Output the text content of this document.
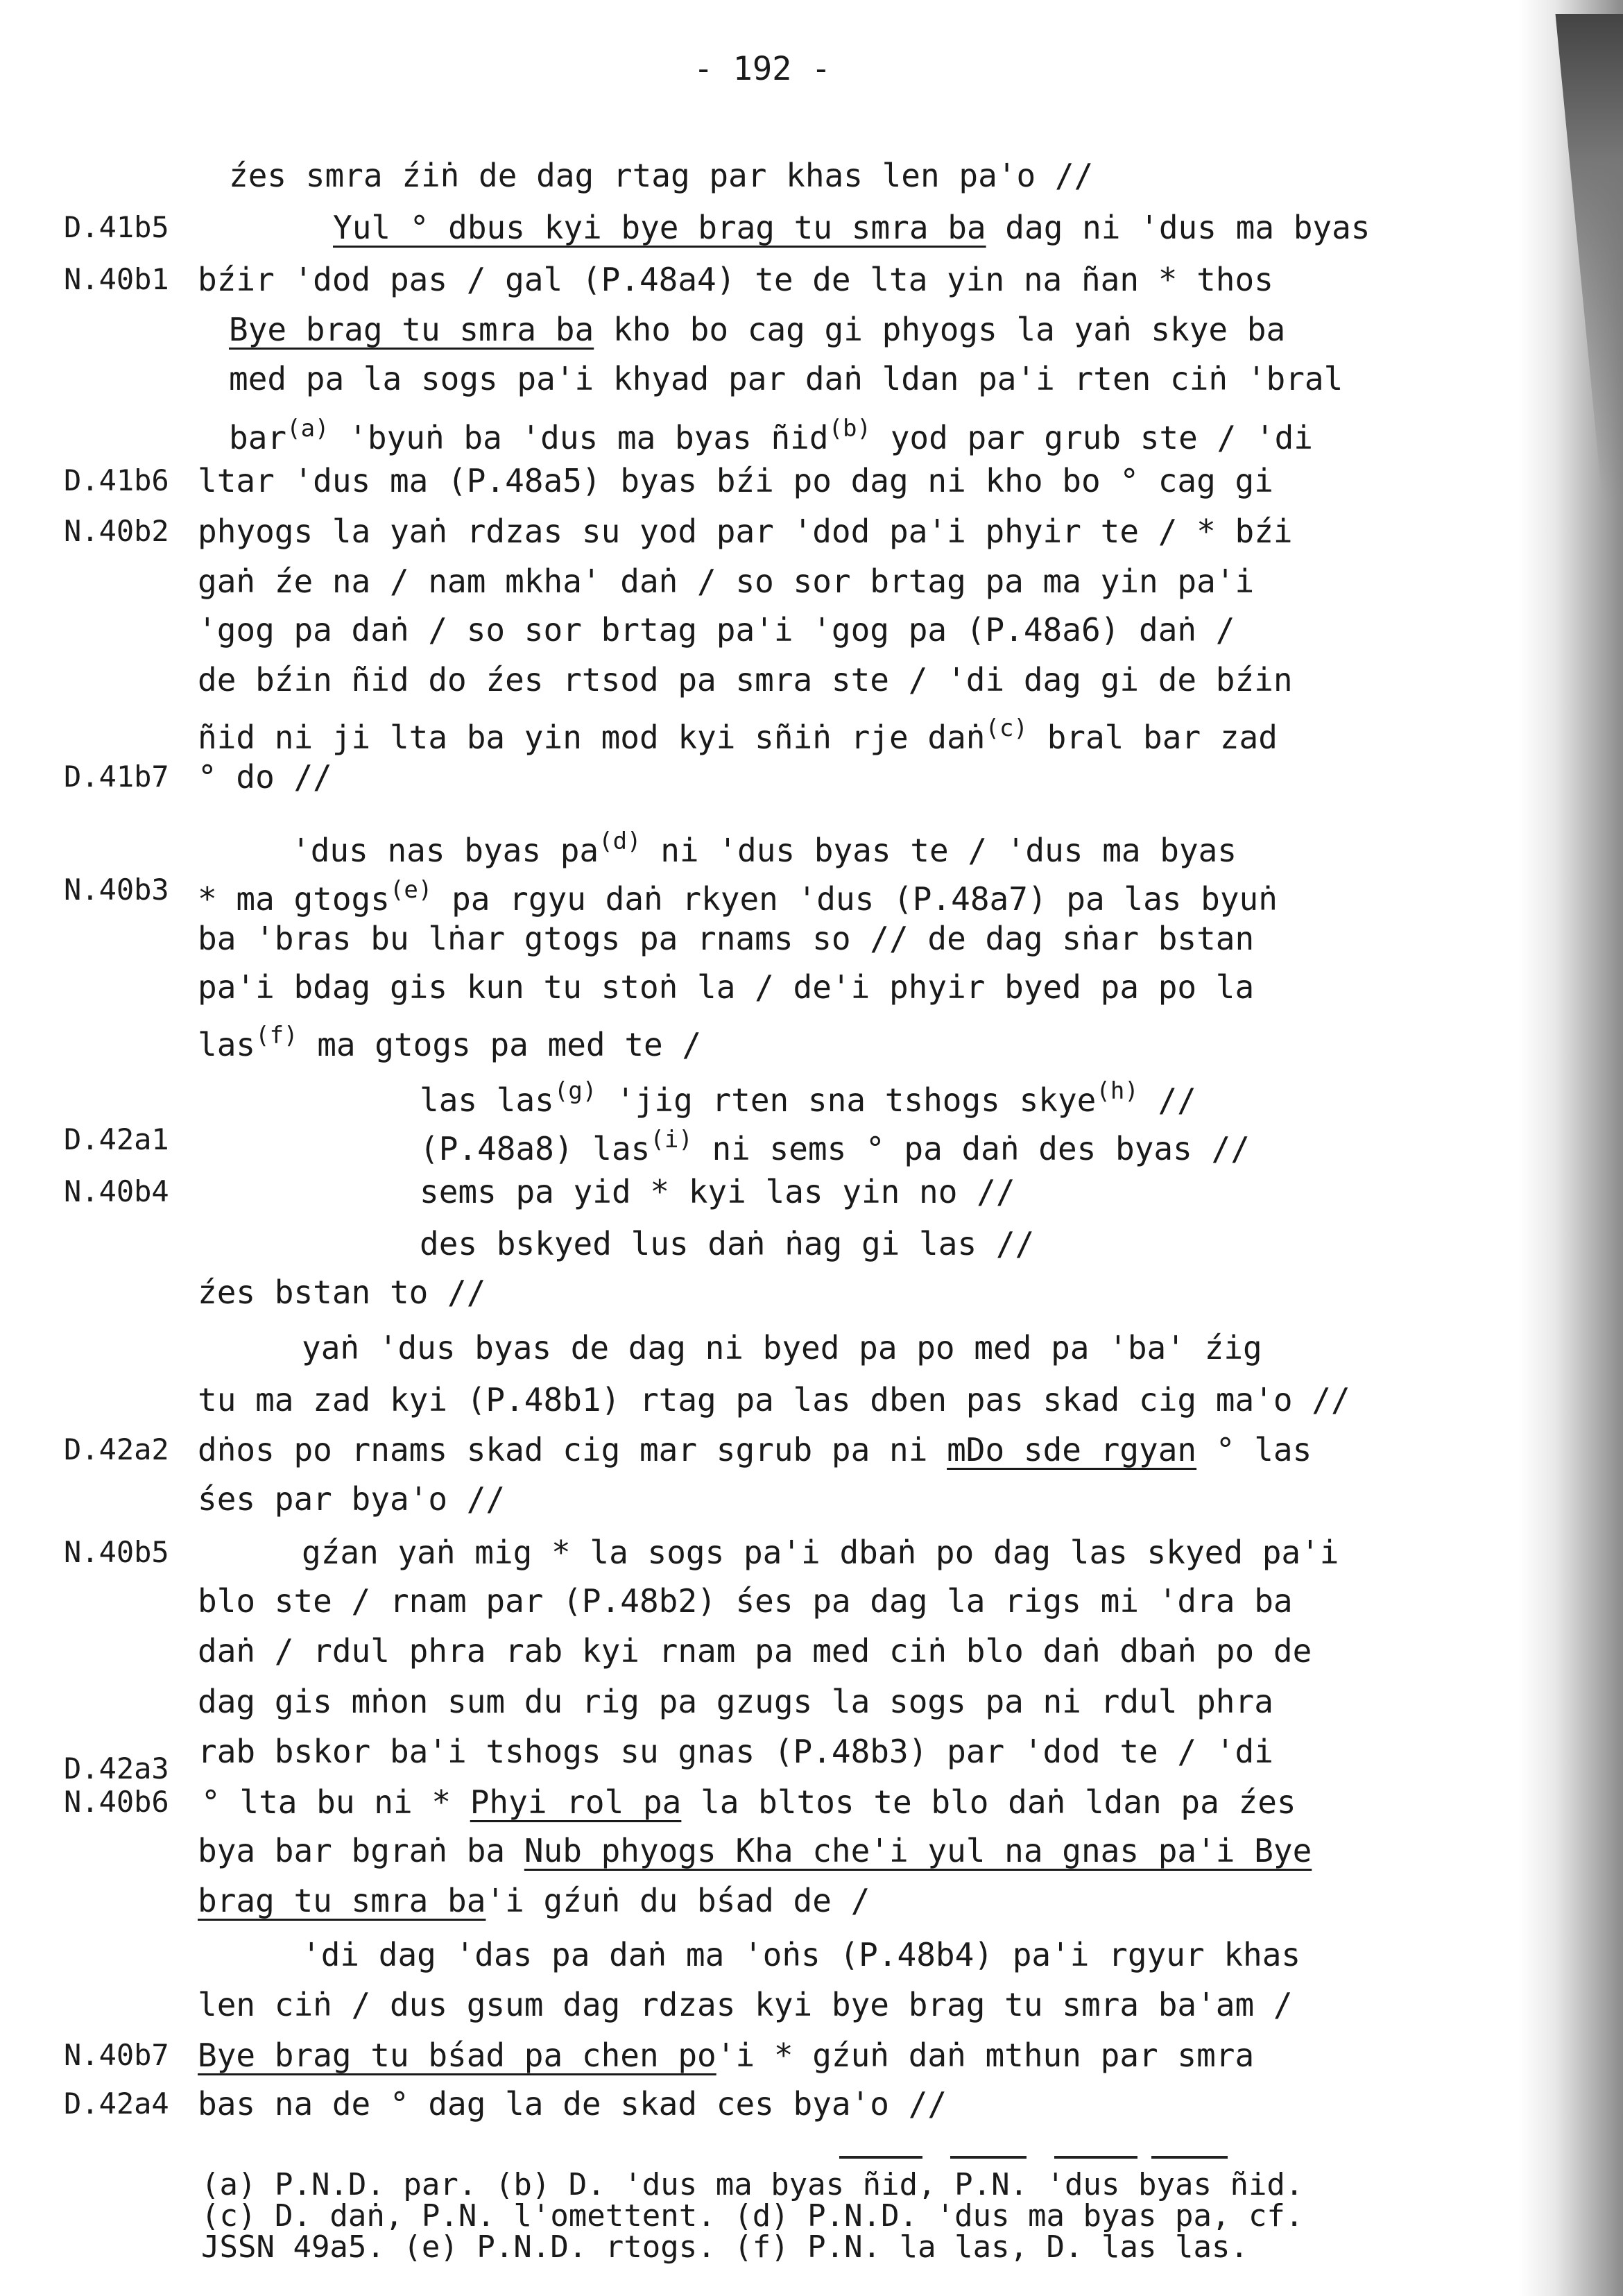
- 192 -
źes smra źiṅ de dag rtag par khas len pa'o //
Yul ° dbus kyi bye brag tu smra ba dag ni 'dus ma byas
bźir 'dod pas / gal (P.48a4) te de lta yin na ñan * thos
Bye brag tu smra ba kho bo cag gi phyogs la yaṅ skye ba
med pa la sogs pa'i khyad par daṅ ldan pa'i rten ciṅ 'bral
bar$^{(a)}$ 'byuṅ ba 'dus ma byas ñid$^{(b)}$ yod par grub ste / 'di
ltar 'dus ma (P.48a5) byas bźi po dag ni kho bo ° cag gi
phyogs la yaṅ rdzas su yod par 'dod pa'i phyir te / * bźi
gaṅ źe na / nam mkha' daṅ / so sor brtag pa ma yin pa'i
'gog pa daṅ / so sor brtag pa'i 'gog pa (P.48a6) daṅ /
de bźin ñid do źes rtsod pa smra ste / 'di dag gi de bźin
ñid ni ji lta ba yin mod kyi sñiṅ rje daṅ$^{(c)}$ bral bar zad
° do //
'dus nas byas $pa^{(d)}$ ni 'dus byas te / 'dus ma byas
* ma gtogs$^{(e)}$ pa rgyu daṅ rkyen 'dus (P.48a7) pa las byuṅ
ba 'bras bu lṅar gtogs pa rnams so // de dag sṅar bstan
pa'i bdag gis kun tu stoṅ la / de'i phyir byed pa po la
las$^{(f)}$ ma gtogs pa med te /
las las$^{(g)}$ 'jig rten sna tshogs skye$^{(h)}$ //
(P.48a8) las$^{(i)}$ ni sems ° pa daṅ des byas //
sems pa yid * kyi las yin no //
des bskyed lus daṅ ṅag gi las //
źes bstan to //
yaṅ 'dus byas de dag ni byed pa po med pa 'ba' źig
tu ma zad kyi (P.48b1) rtag pa las dben pas skad cig ma'o //
dṅos po rnams skad cig mar sgrub pa ni mDo sde rgyan ° las
śes par bya'o //
gźan yaṅ mig * la sogs pa'i dbaṅ po dag las skyed pa'i
blo ste / rnam par (P.48b2) śes pa dag la rigs mi 'dra ba
daṅ / rdul phra rab kyi rnam pa med ciṅ blo daṅ dbaṅ po de
dag gis mṅon sum du rig pa gzugs la sogs pa ni rdul phra
rab bskor ba'i tshogs su gnas (P.48b3) par 'dod te / 'di
° lta bu ni * Phyi rol pa la bltos te blo daṅ ldan pa źes
bya bar bgraṅ ba Nub phyogs Kha che'i yul na gnas pa'i Bye
brag tu smra ba'i gźuṅ du bśad de /
'di dag 'das pa daṅ ma 'oṅs (P.48b4) pa'i rgyur khas
len ciṅ / dus gsum dag rdzas kyi bye brag tu smra ba'am /
Bye brag tu bśad pa chen po'i * gźuṅ daṅ mthun par smra
bas na de ° dag la de skad ces bya'o //
D.41b5
N.40b1
D.41b6
N.40b2
D.41b7
N.40b3
D.42a1
N.40b4
D.42a2
N.40b5
D.42a3
N.40b6
N.40b7
D.42a4
(a) P.N.D. par. (b) D. 'dus ma byas ñid, P.N. 'dus byas ñid.
(c) D. daṅ, P.N. l'omettent. (d) P.N.D. 'dus ma byas pa, cf.
JSSN 49a5. (e) P.N.D. rtogs. (f) P.N. la las, D. las las.
